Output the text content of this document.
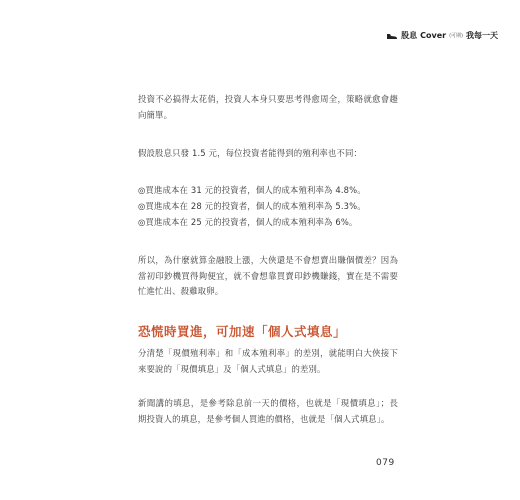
股息 Cover (可期) 我每一天

投資不必搞得太花俏，投資人本身只要思考得愈周全，策略就愈會趨向簡單。

假設股息只發 1.5 元，每位投資者能得到的殖利率也不同：

◎買進成本在 31 元的投資者，個人的成本殖利率為 4.8%。

◎買進成本在 28 元的投資者，個人的成本殖利率為 5.3%。

◎買進成本在 25 元的投資者，個人的成本殖利率為 6%。

所以，為什麼就算金融股上漲，大俠還是不會想賣出賺個價差？因為當初印鈔機買得夠便宜，就不會想靠買賣印鈔機賺錢，實在是不需要忙進忙出、殺雞取卵。

恐慌時買進，可加速「個人式填息」

分清楚「現價殖利率」和「成本殖利率」的差別，就能明白大俠接下來要說的「現價填息」及「個人式填息」的差別。

新聞講的填息，是參考除息前一天的價格，也就是「現價填息」；長期投資人的填息，是參考個人買進的價格，也就是「個人式填息」。

079
